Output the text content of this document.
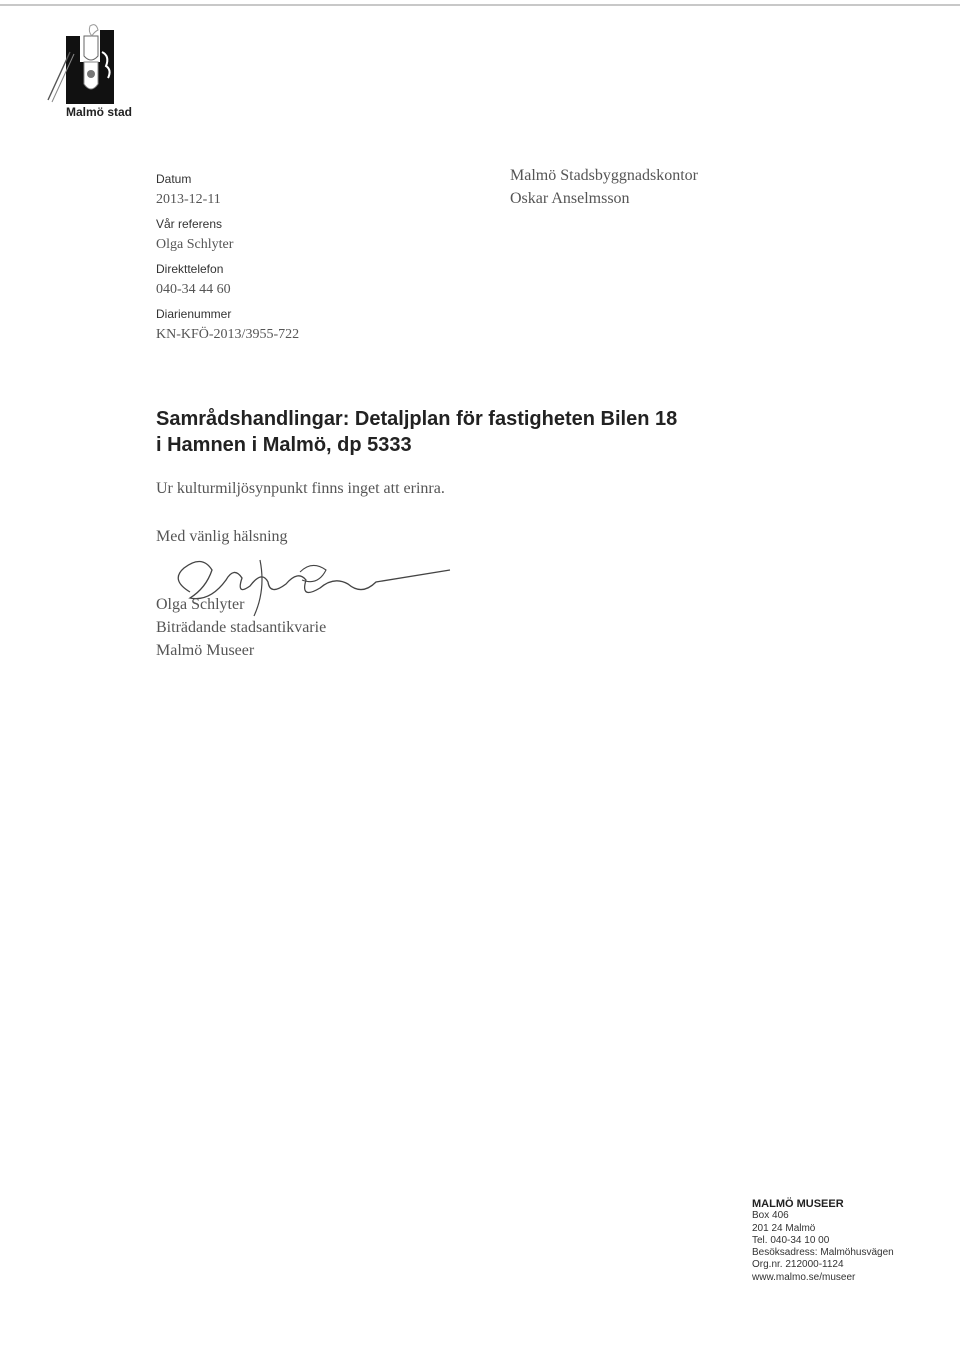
Malmö stad
Datum
2013-12-11
Vår referens
Olga Schlyter
Direkttelefon
040-34 44 60
Diarienummer
KN-KFÖ-2013/3955-722
Malmö Stadsbyggnadskontor
Oskar Anselmsson
Samrådshandlingar: Detaljplan för fastigheten Bilen 18
i Hamnen i Malmö, dp 5333
Ur kulturmiljösynpunkt finns inget att erinra.
Med vänlig hälsning
Olga Schlyter
Biträdande stadsantikvarie
Malmö Museer
MALMÖ MUSEER
Box 406
201 24 Malmö
Tel. 040-34 10 00
Besöksadress: Malmöhusvägen
Org.nr. 212000-1124
www.malmo.se/museer
